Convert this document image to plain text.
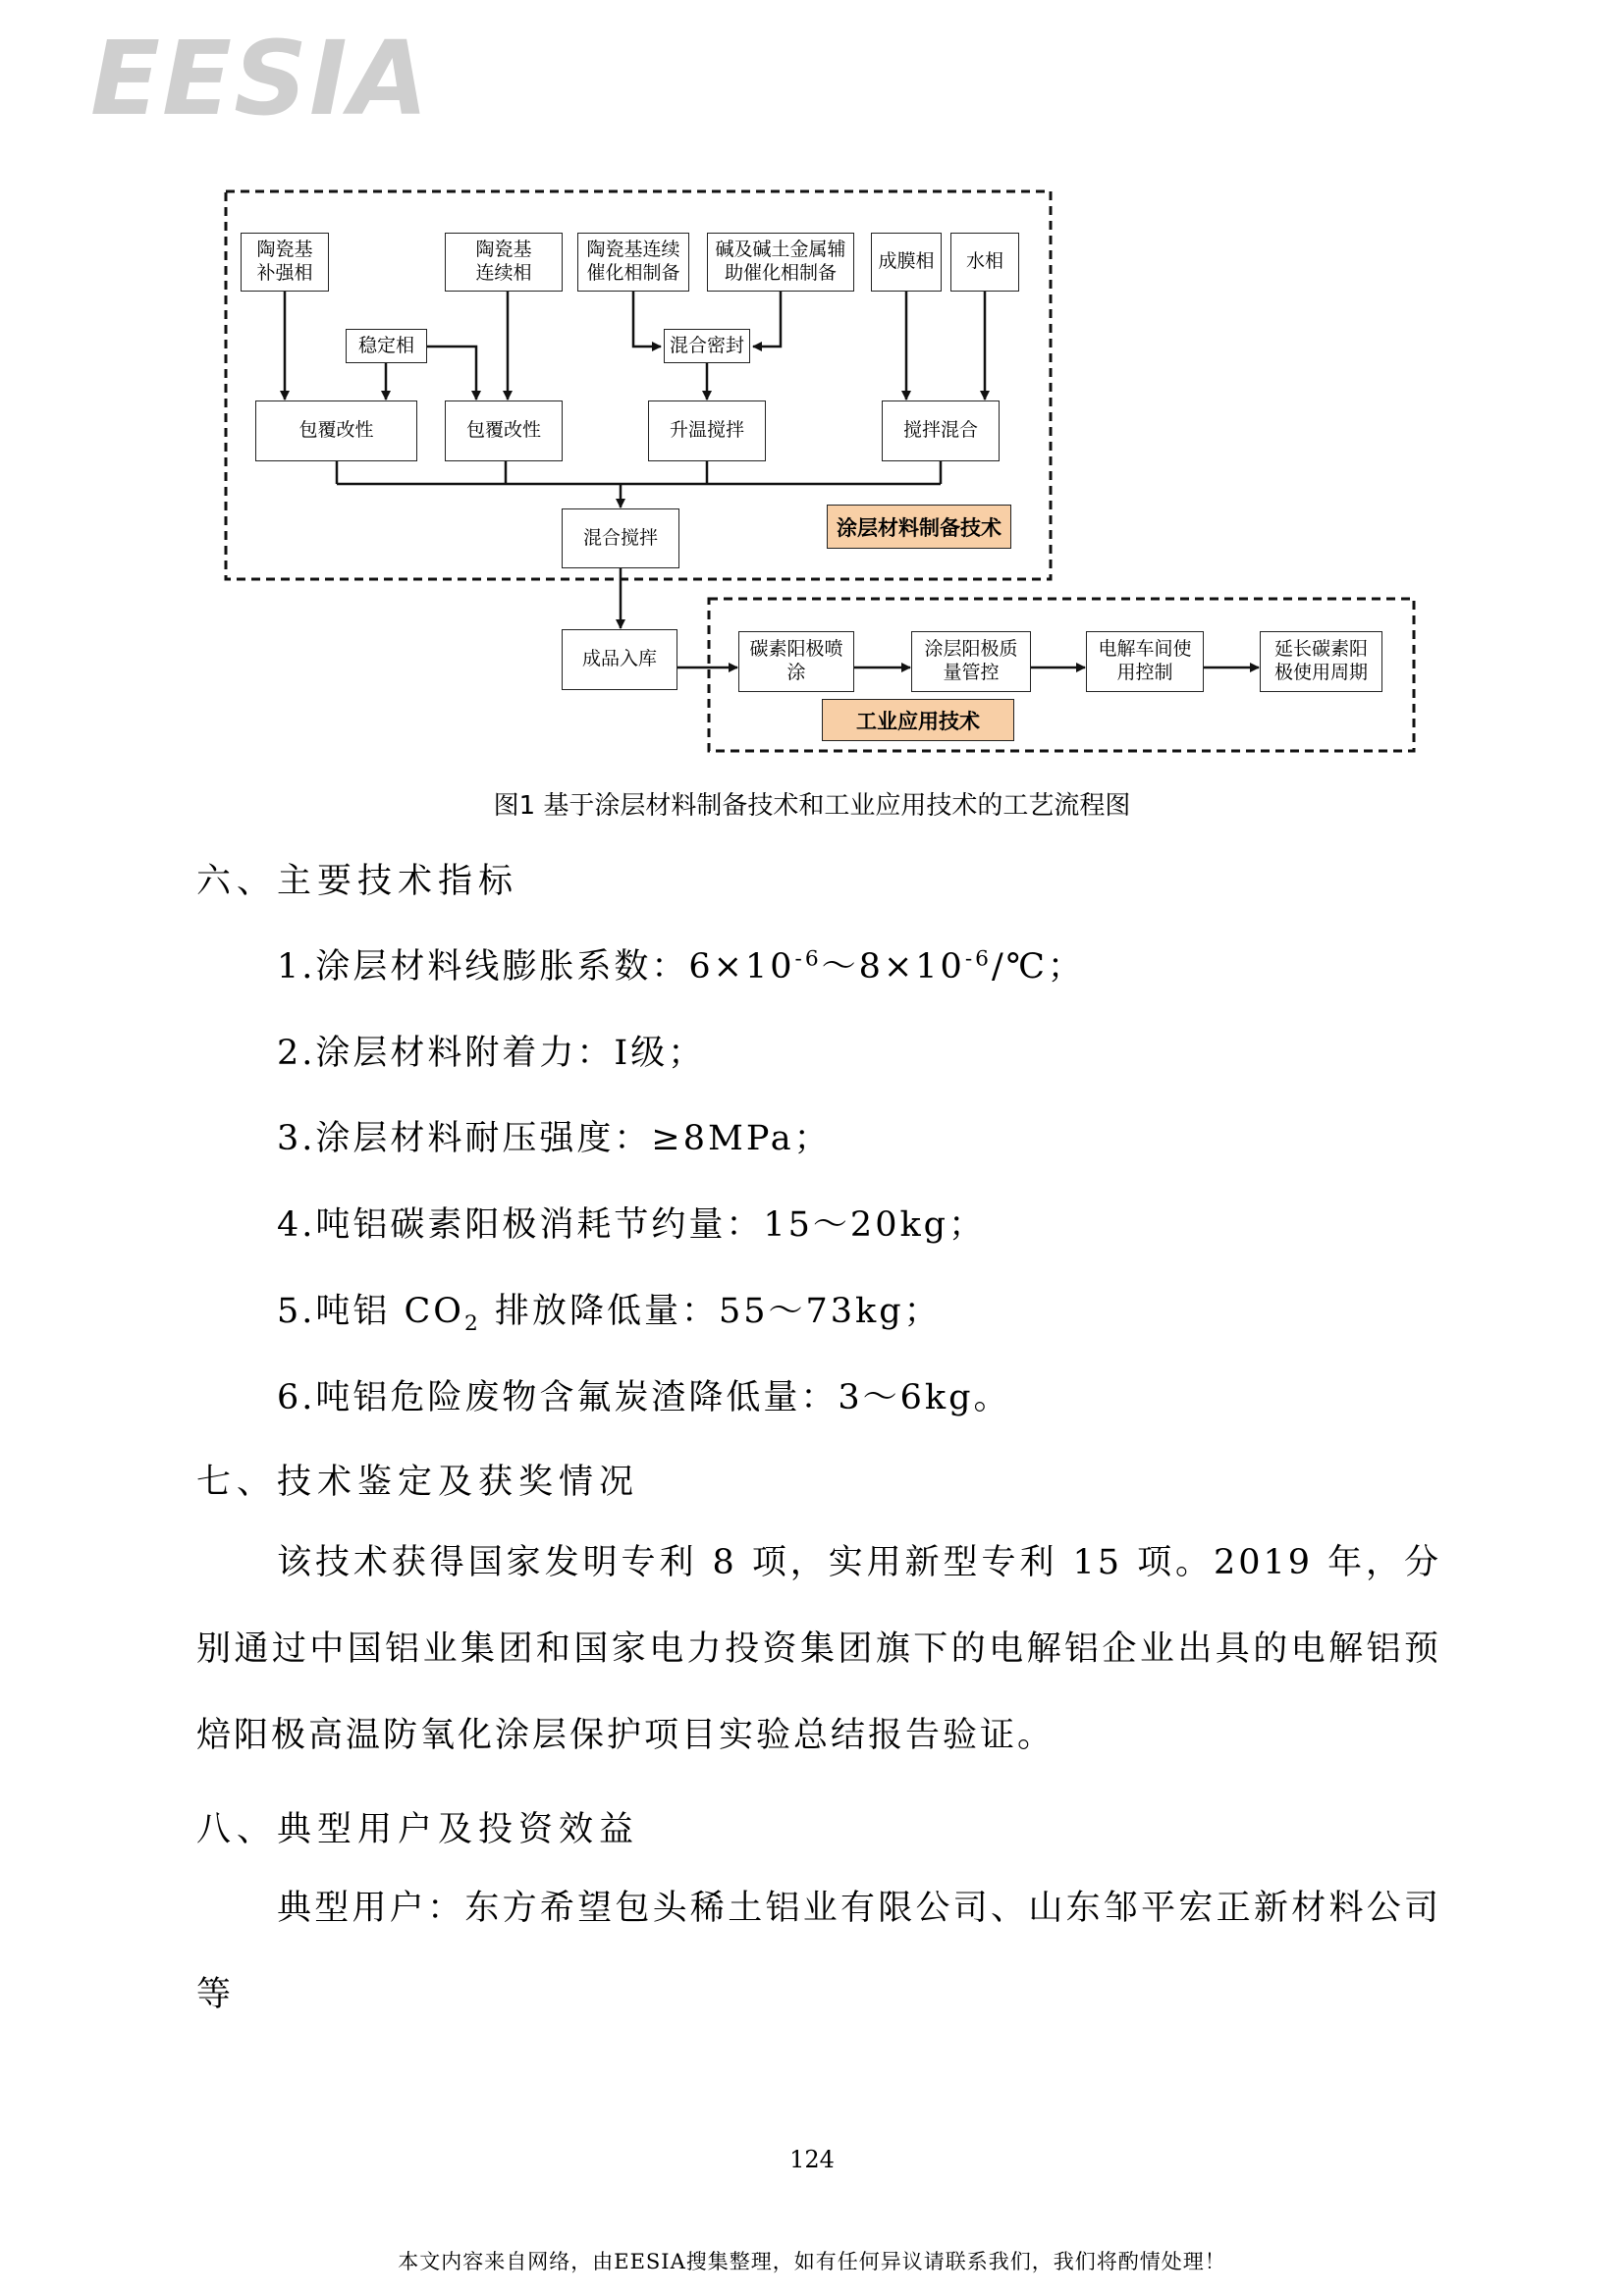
EESIA
陶瓷基
补强相
陶瓷基
连续相
陶瓷基连续
催化相制备
碱及碱土金属辅
助催化相制备
成膜相	水相
稳定相	混合密封
包覆改性	包覆改性	升温搅拌	搅拌混合
混合搅拌	涂层材料制备技术
成品入库	碳素阳极喷
涂
涂层阳极质
量管控
电解车间使
用控制
延长碳素阳
极使用周期
工业应用技术
图1 基于涂层材料制备技术和工业应用技术的工艺流程图
六、主要技术指标
1.涂层材料线膨胀系数：$6\times 10^{-6}\sim 8\times 10^{-6}/℃$；
2.涂层材料附着力：I级；
3.涂层材料耐压强度：≥8MPa；
4.吨铝碳素阳极消耗节约量：15～20kg；
5.吨铝 $CO_2$ 排放降低量：55～73kg；
6.吨铝危险废物含氟炭渣降低量：3～6kg。
七、技术鉴定及获奖情况
该技术获得国家发明专利 8 项，实用新型专利 15 项。2019 年，分别通过中国铝业集团和国家电力投资集团旗下的电解铝企业出具的电解铝预焙阳极高温防氧化涂层保护项目实验总结报告验证。
八、典型用户及投资效益
典型用户：东方希望包头稀土铝业有限公司、山东邹平宏正新材料公司等
124
本文内容来自网络，由EESIA搜集整理，如有任何异议请联系我们，我们将酌情处理！
